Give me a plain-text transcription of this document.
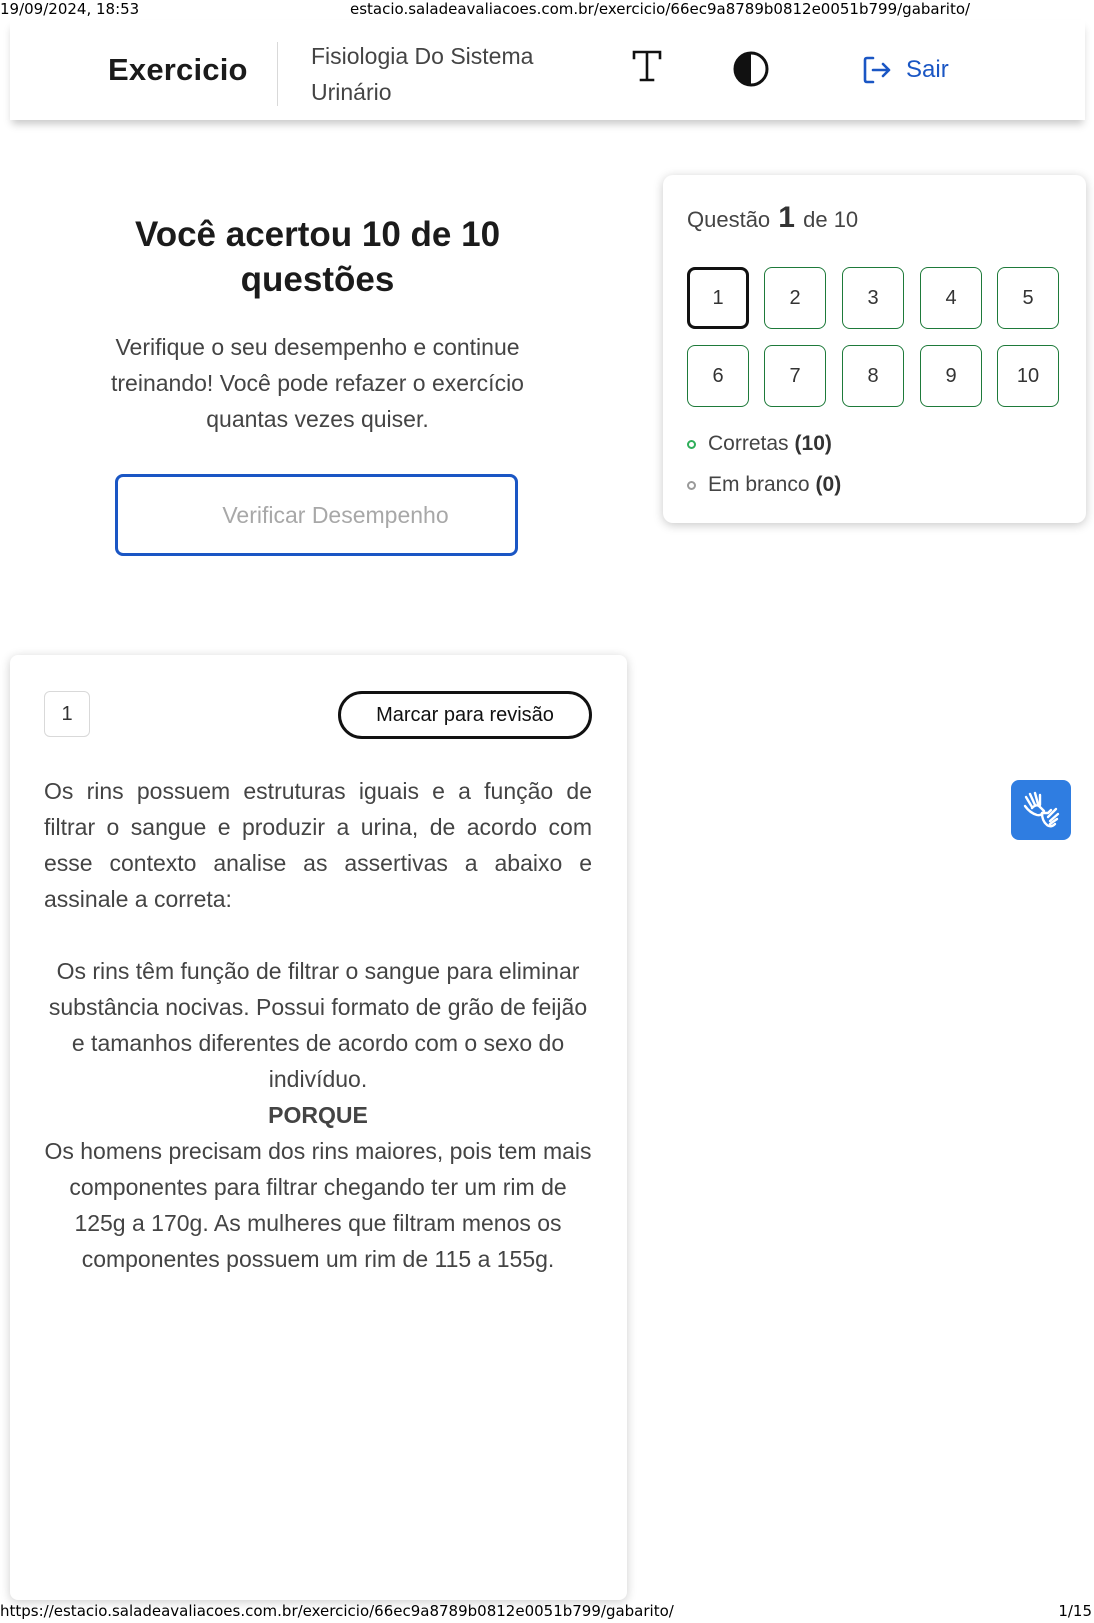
19/09/2024, 18:53	estacio.saladeavaliacoes.com.br/exercicio/66ec9a8789b0812e0051b799/gabarito/
Exercicio	Fisiologia Do Sistema Urinário
Sair
Você acertou 10 de 10 questões
Verifique o seu desempenho e continue treinando! Você pode refazer o exercício quantas vezes quiser.
Verificar Desempenho
Questão 1 de 10
1	2	3	4	5
6	7	8	9	10
Corretas (10)
Em branco (0)
1	Marcar para revisão
Os rins possuem estruturas iguais e a função de filtrar o sangue e produzir a urina, de acordo com esse contexto analise as assertivas a abaixo e assinale a correta:

Os rins têm função de filtrar o sangue para eliminar substância nocivas. Possui formato de grão de feijão e tamanhos diferentes de acordo com o sexo do indivíduo.

PORQUE

Os homens precisam dos rins maiores, pois tem mais componentes para filtrar chegando ter um rim de 125g a 170g. As mulheres que filtram menos os componentes possuem um rim de 115 a 155g.

https://estacio.saladeavaliacoes.com.br/exercicio/66ec9a8789b0812e0051b799/gabarito/	1/15
